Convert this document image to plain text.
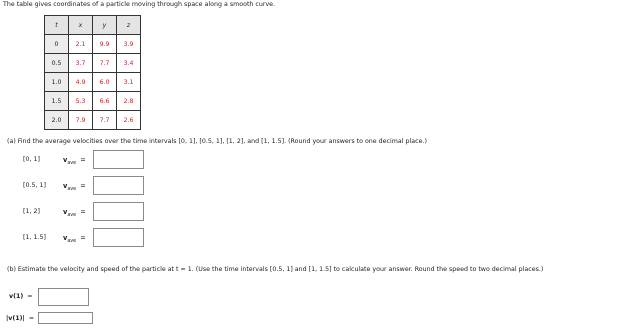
The table gives coordinates of a particle moving through space along a smooth curve.
t	x	y	z
0	2.1	9.9	3.9
0.5	3.7	7.7	3.4
1.0	4.9	6.0	3.1
1.5	5.3	6.6	2.8
2.0	7.9	7.7	2.6
(a) Find the average velocities over the time intervals [0, 1], [0.5, 1], [1, 2], and [1, 1.5]. (Round your answers to one decimal place.)
[0, 1]	$v_{ave}$ =
[0.5, 1]	$v_{ave}$ =
[1, 2]	$v_{ave}$ =
[1, 1.5]	$v_{ave}$ =
(b) Estimate the velocity and speed of the particle at t = 1. (Use the time intervals [0.5, 1] and [1, 1.5] to calculate your answer. Round the speed to two decimal places.)
v(1) =
|v(1)| =
